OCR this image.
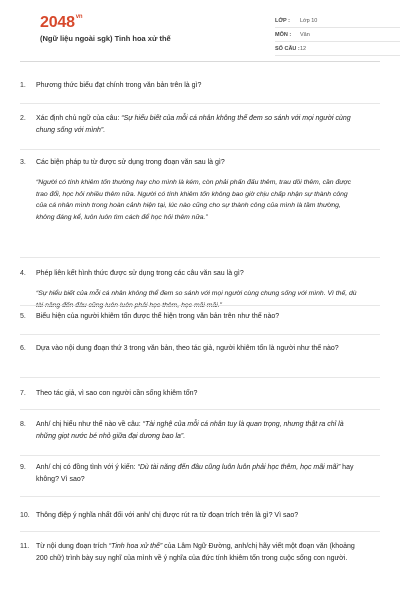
$2048^{vn}$
(Ngữ liệu ngoài sgk) Tinh hoa xử thế
LỚP :	Lớp 10
MÔN :	Văn
SỐ CÂU : 12
1.	Phương thức biểu đạt chính trong văn bản trên là gì?
2.	Xác định chủ ngữ của câu: “Sự hiểu biết của mỗi cá nhân không thể đem so sánh với mọi người cùng chung sống với mình”.
3.	Các biện pháp tu từ được sử dụng trong đoạn văn sau là gì?
“Người có tính khiêm tốn thường hay cho mình là kém, còn phải phấn đấu thêm, trau dồi thêm, cần được trao đổi, học hỏi nhiều thêm nữa. Người có tính khiêm tốn không bao giờ chịu chấp nhận sự thành công của cá nhân mình trong hoàn cảnh hiện tại, lúc nào cũng cho sự thành công của mình là tầm thường, không đáng kể, luôn luôn tìm cách để học hỏi thêm nữa.”
4.	Phép liên kết hình thức được sử dụng trong các câu văn sau là gì?
“Sự hiểu biết của mỗi cá nhân không thể đem so sánh với mọi người cùng chung sống với mình. Vì thế, dù
5.	Biểu hiện của người khiêm tốn được thể hiện trong văn bản trên như thế nào?
6.	Dựa vào nội dung đoạn thứ 3 trong văn bản, theo tác giả, người khiêm tốn là người như thế nào?
7.	Theo tác giả, vì sao con người cần sống khiêm tốn?
8.	Anh/ chị hiểu như thế nào về câu: “Tài nghệ của mỗi cá nhân tuy là quan trọng, nhưng thật ra chỉ là những giọt nước bé nhỏ giữa đại dương bao la”.
9.	Anh/ chị có đồng tình với ý kiến: “Dù tài năng đến đâu cũng luôn luôn phải học thêm, học mãi mãi” hay không? Vì sao?
10. Thông điệp ý nghĩa nhất đối với anh/ chị được rút ra từ đoạn trích trên là gì? Vì sao?
11. Từ nội dung đoạn trích “Tinh hoa xử thế” của Lâm Ngữ Đường, anh/chị hãy viết một đoạn văn (khoảng 200 chữ) trình bày suy nghĩ của mình về ý nghĩa của đức tính khiêm tốn trong cuộc sống con người.
